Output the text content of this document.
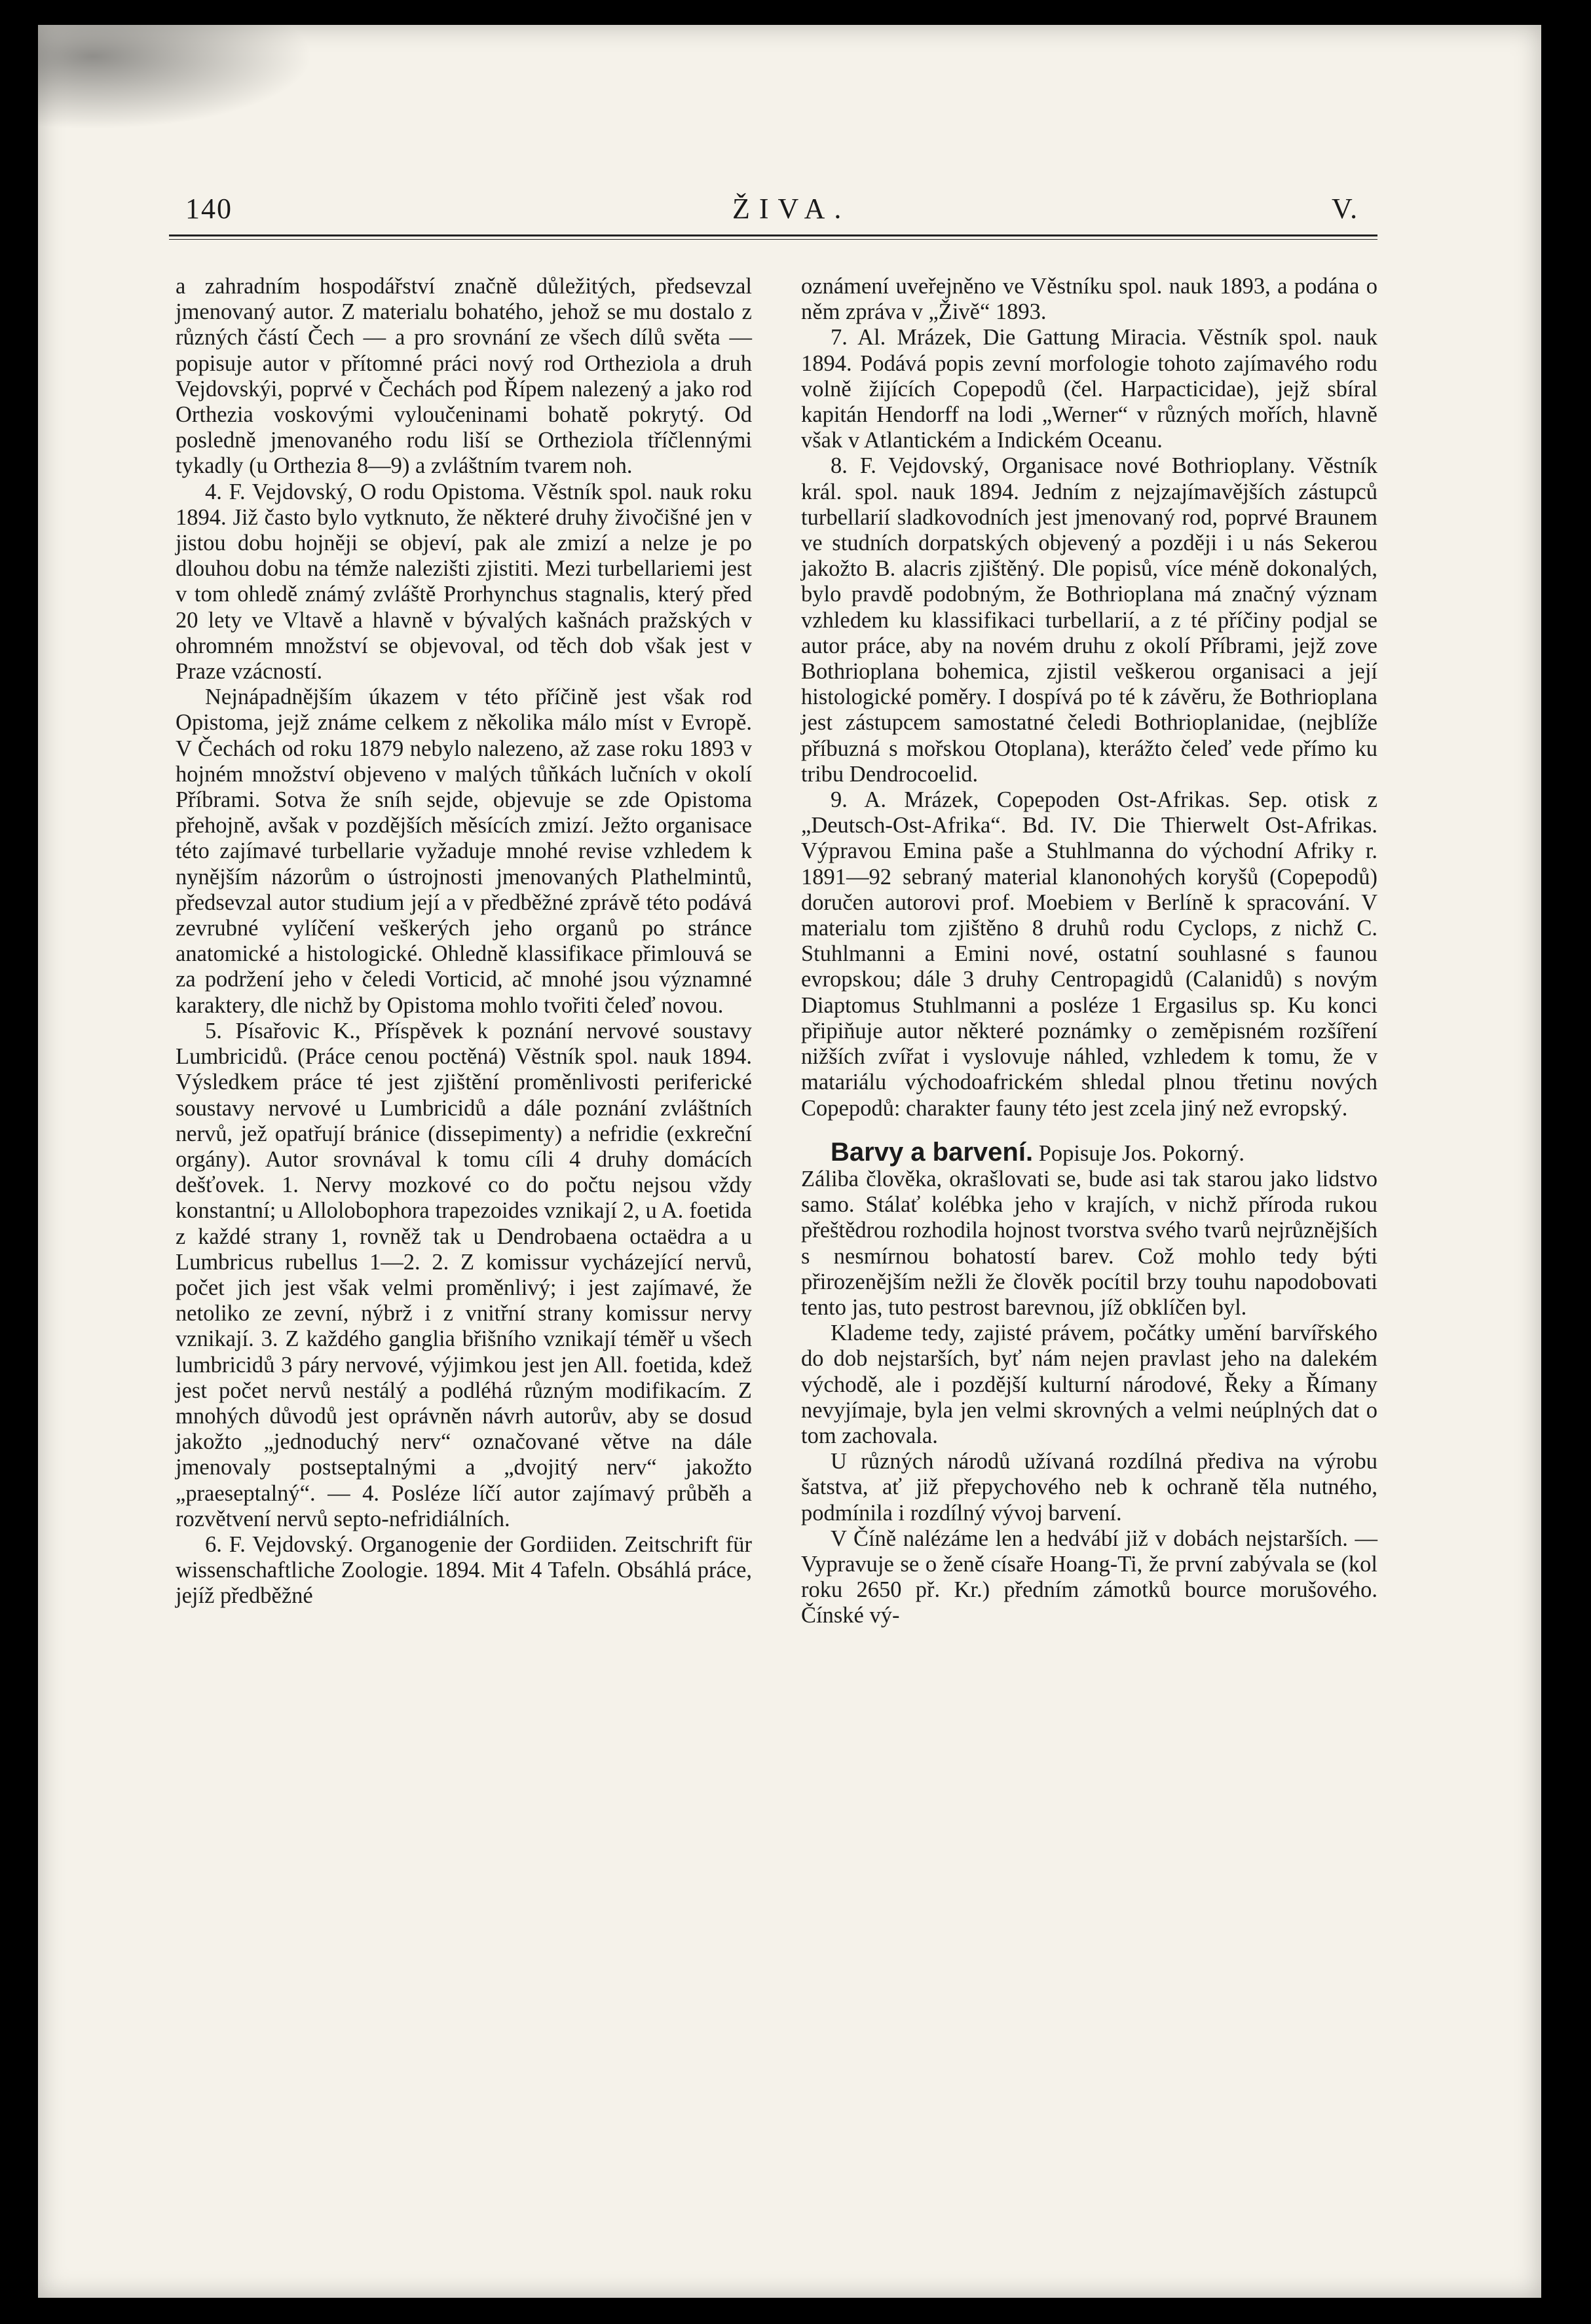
140	ŽIVA.	V.

a zahradním hospodářství značně důležitých, předsevzal jmenovaný autor. Z materialu bohatého, jehož se mu dostalo z různých částí Čech — a pro srovnání ze všech dílů světa — popisuje autor v přítomné práci nový rod Ortheziola a druh Vejdovskýi, poprvé v Čechách pod Řípem nalezený a jako rod Orthezia voskovými vyloučeninami bohatě pokrytý. Od posledně jmenovaného rodu liší se Ortheziola tříčlennými tykadly (u Orthezia 8—9) a zvláštním tvarem noh.

4. F. Vejdovský, O rodu Opistoma. Věstník spol. nauk roku 1894. Již často bylo vytknuto, že některé druhy živočišné jen v jistou dobu hojněji se objeví, pak ale zmizí a nelze je po dlouhou dobu na témže nalezišti zjistiti. Mezi turbellariemi jest v tom ohledě známý zvláště Prorhynchus stagnalis, který před 20 lety ve Vltavě a hlavně v bývalých kašnách pražských v ohromném množství se objevoval, od těch dob však jest v Praze vzácností.

Nejnápadnějším úkazem v této příčině jest však rod Opistoma, jejž známe celkem z několika málo míst v Evropě. V Čechách od roku 1879 nebylo nalezeno, až zase roku 1893 v hojném množství objeveno v malých tůňkách lučních v okolí Příbrami. Sotva že sníh sejde, objevuje se zde Opistoma přehojně, avšak v pozdějších měsících zmizí. Ježto organisace této zajímavé turbellarie vyžaduje mnohé revise vzhledem k nynějším názorům o ústrojnosti jmenovaných Plathelmintů, předsevzal autor studium její a v předběžné zprávě této podává zevrubné vylíčení veškerých jeho organů po stránce anatomické a histologické. Ohledně klassifikace přimlouvá se za podržení jeho v čeledi Vorticid, ač mnohé jsou významné karaktery, dle nichž by Opistoma mohlo tvořiti čeleď novou.

5. Písařovic K., Příspěvek k poznání nervové soustavy Lumbricidů. (Práce cenou poctěná) Věstník spol. nauk 1894. Výsledkem práce té jest zjištění proměnlivosti periferické soustavy nervové u Lumbricidů a dále poznání zvláštních nervů, jež opatřují bránice (dissepimenty) a nefridie (exkreční orgány). Autor srovnával k tomu cíli 4 druhy domácích dešťovek. 1. Nervy mozkové co do počtu nejsou vždy konstantní; u Allolobophora trapezoides vznikají 2, u A. foetida z každé strany 1, rovněž tak u Dendrobaena octaëdra a u Lumbricus rubellus 1—2. 2. Z komissur vycházející nervů, počet jich jest však velmi proměnlivý; i jest zajímavé, že netoliko ze zevní, nýbrž i z vnitřní strany komissur nervy vznikají. 3. Z každého ganglia břišního vznikají téměř u všech lumbricidů 3 páry nervové, výjimkou jest jen All. foetida, kdež jest počet nervů nestálý a podléhá různým modifikacím. Z mnohých důvodů jest oprávněn návrh autorův, aby se dosud jakožto „jednoduchý nerv“ označované větve na dále jmenovaly postseptalnými a „dvojitý nerv“ jakožto „praeseptalný“. — 4. Posléze líčí autor zajímavý průběh a rozvětvení nervů septo-nefridiálních.

6. F. Vejdovský. Organogenie der Gordiiden. Zeitschrift für wissenschaftliche Zoologie. 1894. Mit 4 Tafeln. Obsáhlá práce, jejíž předběžné

oznámení uveřejněno ve Věstníku spol. nauk 1893, a podána o něm zpráva v „Živě“ 1893.

7. Al. Mrázek, Die Gattung Miracia. Věstník spol. nauk 1894. Podává popis zevní morfologie tohoto zajímavého rodu volně žijících Copepodů (čel. Harpacticidae), jejž sbíral kapitán Hendorff na lodi „Werner“ v různých mořích, hlavně však v Atlantickém a Indickém Oceanu.

8. F. Vejdovský, Organisace nové Bothrioplany. Věstník král. spol. nauk 1894. Jedním z nejzajímavějších zástupců turbellarií sladkovodních jest jmenovaný rod, poprvé Braunem ve studních dorpatských objevený a později i u nás Sekerou jakožto B. alacris zjištěný. Dle popisů, více méně dokonalých, bylo pravdě podobným, že Bothrioplana má značný význam vzhledem ku klassifikaci turbellarií, a z té příčiny podjal se autor práce, aby na novém druhu z okolí Příbrami, jejž zove Bothrioplana bohemica, zjistil veškerou organisaci a její histologické poměry. I dospívá po té k závěru, že Bothrioplana jest zástupcem samostatné čeledi Bothrioplanidae, (nejblíže příbuzná s mořskou Otoplana), kterážto čeleď vede přímo ku tribu Dendrocoelid.

9. A. Mrázek, Copepoden Ost-Afrikas. Sep. otisk z „Deutsch-Ost-Afrika“. Bd. IV. Die Thierwelt Ost-Afrikas. Výpravou Emina paše a Stuhlmanna do východní Afriky r. 1891—92 sebraný material klanonohých koryšů (Copepodů) doručen autorovi prof. Moebiem v Berlíně k spracování. V materialu tom zjištěno 8 druhů rodu Cyclops, z nichž C. Stuhlmanni a Emini nové, ostatní souhlasné s faunou evropskou; dále 3 druhy Centropagidů (Calanidů) s novým Diaptomus Stuhlmanni a posléze 1 Ergasilus sp. Ku konci připiňuje autor některé poznámky o zeměpisném rozšíření nižších zvířat i vyslovuje náhled, vzhledem k tomu, že v matariálu východoafrickém shledal plnou třetinu nových Copepodů: charakter fauny této jest zcela jiný než evropský.

Barvy a barvení. Popisuje Jos. Pokorný.

Záliba člověka, okrašlovati se, bude asi tak starou jako lidstvo samo. Stálať kolébka jeho v krajích, v nichž příroda rukou přeštědrou rozhodila hojnost tvorstva svého tvarů nejrůznějších s nesmírnou bohatostí barev. Což mohlo tedy býti přirozenějším nežli že člověk pocítil brzy touhu napodobovati tento jas, tuto pestrost barevnou, jíž obklíčen byl.

Klademe tedy, zajisté právem, počátky umění barvířského do dob nejstarších, byť nám nejen pravlast jeho na dalekém východě, ale i pozdější kulturní národové, Řeky a Římany nevyjímaje, byla jen velmi skrovných a velmi neúplných dat o tom zachovala.

U různých národů užívaná rozdílná přediva na výrobu šatstva, ať již přepychového neb k ochraně těla nutného, podmínila i rozdílný vývoj barvení.

V Číně nalézáme len a hedvábí již v dobách nejstarších. — Vypravuje se o ženě císaře Hoang-Ti, že první zabývala se (kol roku 2650 př. Kr.) předním zámotků bource morušového. Čínské vý-
